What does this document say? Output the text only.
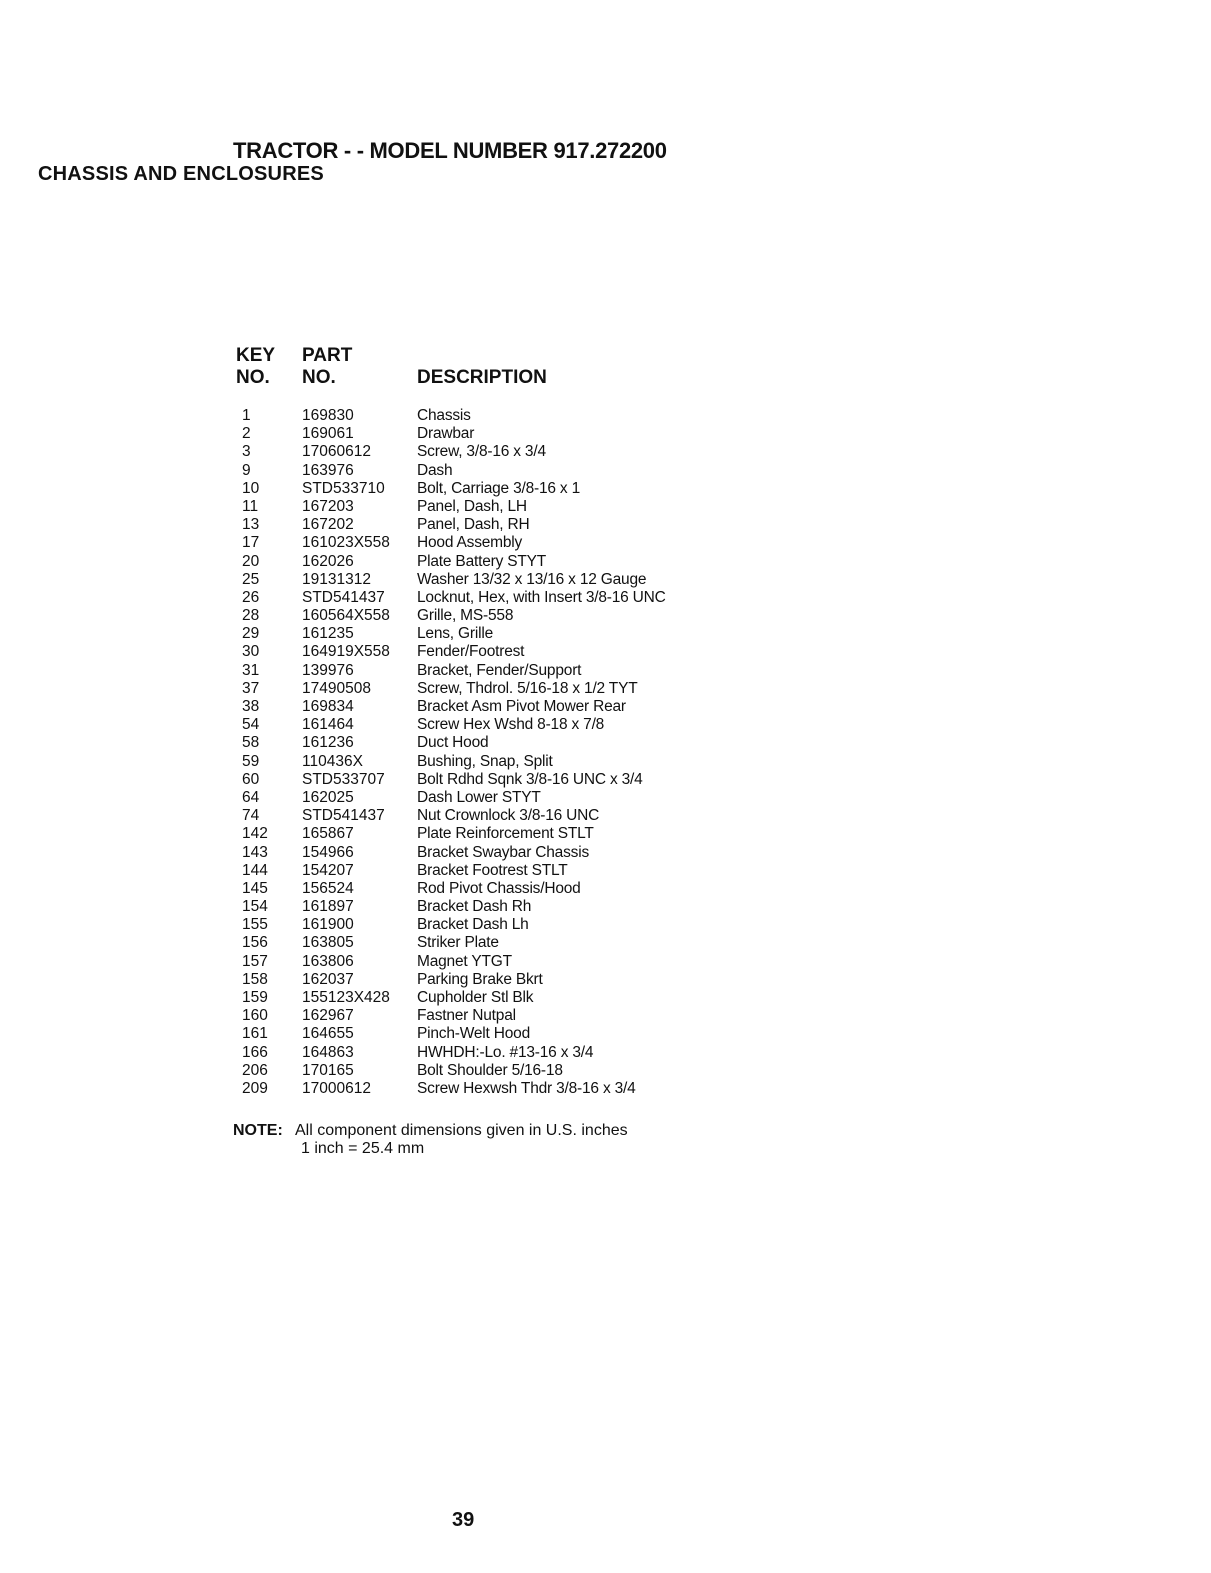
TRACTOR - - MODEL NUMBER 917.272200
CHASSIS AND ENCLOSURES
KEY
NO.
PART
NO.	DESCRIPTION
1	169830	Chassis
2	169061	Drawbar
3	17060612	Screw, 3/8-16 x 3/4
9	163976	Dash
10	STD533710	Bolt, Carriage 3/8-16 x 1
11	167203	Panel, Dash, LH
13	167202	Panel, Dash, RH
17	161023X558	Hood Assembly
20	162026	Plate Battery STYT
25	19131312	Washer 13/32 x 13/16 x 12 Gauge
26	STD541437	Locknut, Hex, with Insert 3/8-16 UNC
28	160564X558	Grille, MS-558
29	161235	Lens, Grille
30	164919X558	Fender/Footrest
31	139976	Bracket, Fender/Support
37	17490508	Screw, Thdrol. 5/16-18 x 1/2 TYT
38	169834	Bracket Asm Pivot Mower Rear
54	161464	Screw Hex Wshd 8-18 x 7/8
58	161236	Duct Hood
59	110436X	Bushing, Snap, Split
60	STD533707	Bolt Rdhd Sqnk 3/8-16 UNC x 3/4
64	162025	Dash Lower STYT
74	STD541437	Nut Crownlock 3/8-16 UNC
142	165867	Plate Reinforcement STLT
143	154966	Bracket Swaybar Chassis
144	154207	Bracket Footrest STLT
145	156524	Rod Pivot Chassis/Hood
154	161897	Bracket Dash Rh
155	161900	Bracket Dash Lh
156	163805	Striker Plate
157	163806	Magnet YTGT
158	162037	Parking Brake Bkrt
159	155123X428	Cupholder Stl Blk
160	162967	Fastner Nutpal
161	164655	Pinch-Welt Hood
166	164863	HWHDH:-Lo. #13-16 x 3/4
206	170165	Bolt Shoulder 5/16-18
209	17000612	Screw Hexwsh Thdr 3/8-16 x 3/4
NOTE: All component dimensions given in U.S. inches
1 inch = 25.4 mm
39
